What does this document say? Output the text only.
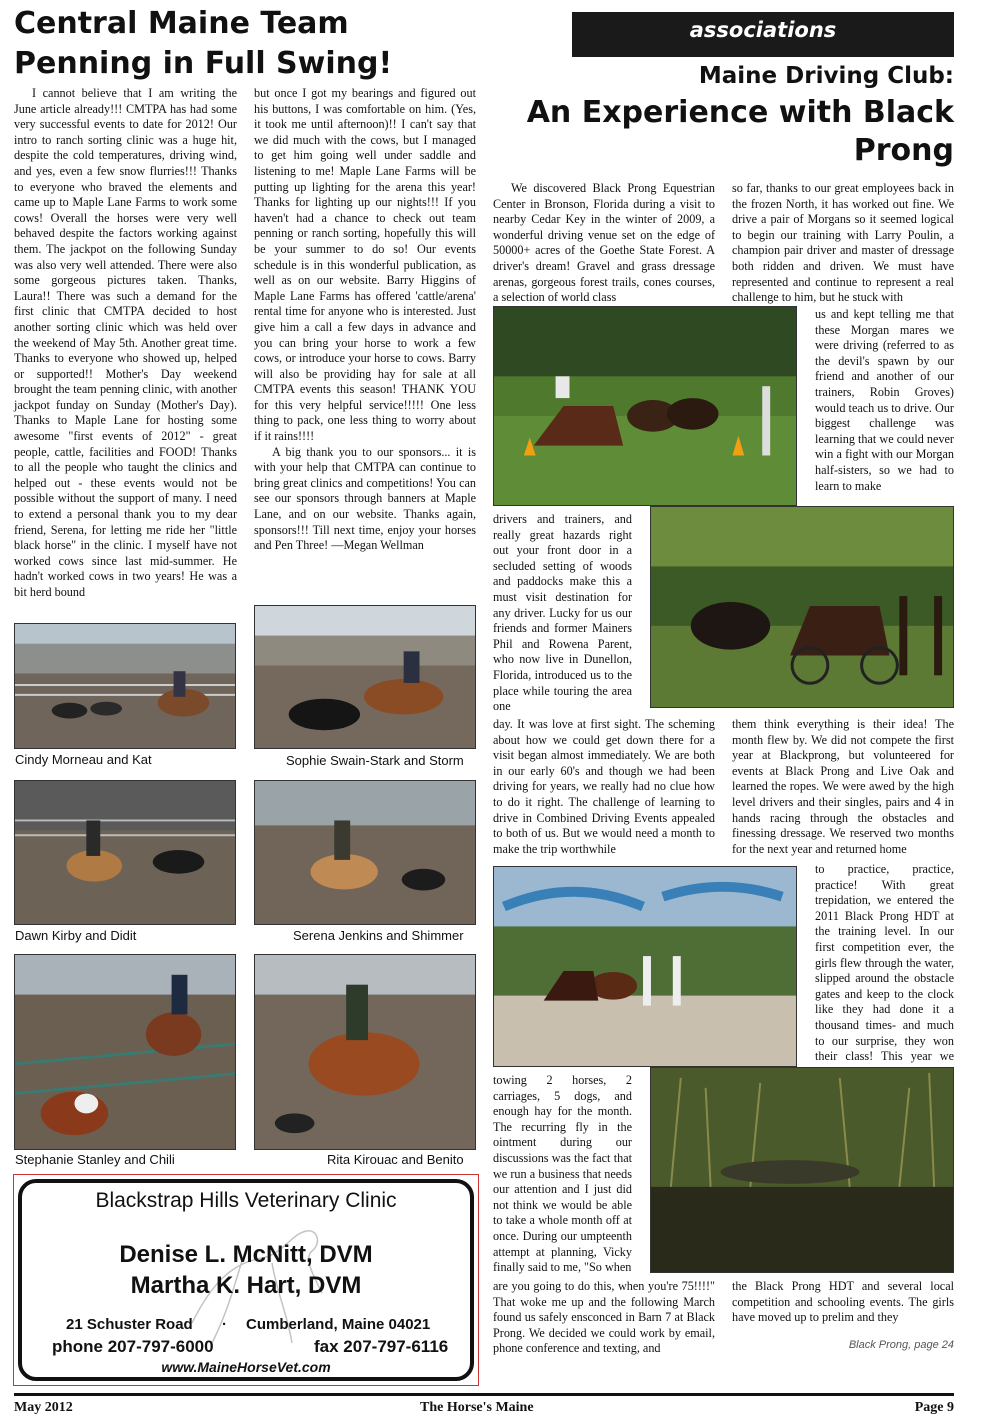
Central Maine Team Penning in Full Swing!

I cannot believe that I am writing the June article already!!! CMTPA has had some very successful events to date for 2012! Our intro to ranch sorting clinic was a huge hit, despite the cold temperatures, driving wind, and yes, even a few snow flurries!!! Thanks to everyone who braved the elements and came up to Maple Lane Farms to work some cows! Overall the horses were very well behaved despite the factors working against them. The jackpot on the following Sunday was also very well attended. There were also some gorgeous pictures taken. Thanks, Laura!! There was such a demand for the first clinic that CMTPA decided to host another sorting clinic which was held over the weekend of May 5th. Another great time. Thanks to everyone who showed up, helped or supported!! Mother's Day weekend brought the team penning clinic, with another jackpot funday on Sunday (Mother's Day). Thanks to Maple Lane for hosting some awesome "first events of 2012" - great people, cattle, facilities and FOOD! Thanks to all the people who taught the clinics and helped out - these events would not be possible without the support of many. I need to extend a personal thank you to my dear friend, Serena, for letting me ride her "little black horse" in the clinic. I myself have not worked cows since last mid-summer. He hadn't worked cows in two years! He was a bit herd bound

but once I got my bearings and figured out his buttons, I was comfortable on him. (Yes, it took me until afternoon)!! I can't say that we did much with the cows, but I managed to get him going well under saddle and listening to me! Maple Lane Farms will be putting up lighting for the arena this year! Thanks for lighting up our nights!!! If you haven't had a chance to check out team penning or ranch sorting, hopefully this will be your summer to do so! Our events schedule is in this wonderful publication, as well as on our website. Barry Higgins of Maple Lane Farms has offered 'cattle/arena' rental time for anyone who is interested. Just give him a call a few days in advance and you can bring your horse to work a few cows, or introduce your horse to cows. Barry will also be providing hay for sale at all CMTPA events this season! THANK YOU for this very helpful service!!!!! One less thing to pack, one less thing to worry about if it rains!!!!

A big thank you to our sponsors... it is with your help that CMTPA can continue to bring great clinics and competitions! You can see our sponsors through banners at Maple Lane, and on our website. Thanks again, sponsors!!! Till next time, enjoy your horses and Pen Three! —Megan Wellman

Cindy Morneau and Kat	Sophie Swain-Stark and Storm
Dawn Kirby and Didit	Serena Jenkins and Shimmer
Stephanie Stanley and Chili	Rita Kirouac and Benito
Blackstrap Hills Veterinary Clinic
Denise L. McNitt, DVM
Martha K. Hart, DVM
21 Schuster Road · Cumberland, Maine 04021
phone 207-797-6000	fax 207-797-6116
www.MaineHorseVet.com
associations
Maine Driving Club:
An Experience with Black Prong

We discovered Black Prong Equestrian Center in Bronson, Florida during a visit to nearby Cedar Key in the winter of 2009, a wonderful driving venue set on the edge of 50000+ acres of the Goethe State Forest. A driver's dream! Gravel and grass dressage arenas, gorgeous forest trails, cones courses, a selection of world class

so far, thanks to our great employees back in the frozen North, it has worked out fine. We drive a pair of Morgans so it seemed logical to begin our training with Larry Poulin, a champion pair driver and master of dressage both ridden and driven. We must have represented and continue to represent a real challenge to him, but he stuck with

us and kept telling me that these Morgan mares we were driving (referred to as the devil's spawn by our friend and another of our trainers, Robin Groves) would teach us to drive. Our biggest challenge was learning that we could never win a fight with our Morgan half-sisters, so we had to learn to make

drivers and trainers, and really great hazards right out your front door in a secluded setting of woods and paddocks make this a must visit destination for any driver. Lucky for us our friends and former Mainers Phil and Rowena Parent, who now live in Dunellon, Florida, introduced us to the place while touring the area one

day. It was love at first sight. The scheming about how we could get down there for a visit began almost immediately. We are both in our early 60's and though we had been driving for years, we really had no clue how to do it right. The challenge of learning to drive in Combined Driving Events appealed to both of us. But we would need a month to make the trip worthwhile

them think everything is their idea! The month flew by. We did not compete the first year at Blackprong, but volunteered for events at Black Prong and Live Oak and learned the ropes. We were awed by the high level drivers and their singles, pairs and 4 in hands racing through the obstacles and finessing dressage. We reserved two months for the next year and returned home

to practice, practice, practice! With great trepidation, we entered the 2011 Black Prong HDT at the training level. In our first competition ever, the girls flew through the water, slipped around the obstacle gates and keep to the clock like they had done it a thousand times- and much to our surprise, they won their class! This year we

towing 2 horses, 2 carriages, 5 dogs, and enough hay for the month. The recurring fly in the ointment during our discussions was the fact that we run a business that needs our attention and I just did not think we would be able to take a whole month off at once. During our umpteenth attempt at planning, Vicky finally said to me, "So when

are you going to do this, when you're 75!!!!" That woke me up and the following March found us safely ensconced in Barn 7 at Black Prong. We decided we could work by email, phone conference and texting, and

the Black Prong HDT and several local competition and schooling events. The girls have moved up to prelim and they

Black Prong, page 24
May 2012	The Horse's Maine	Page 9
